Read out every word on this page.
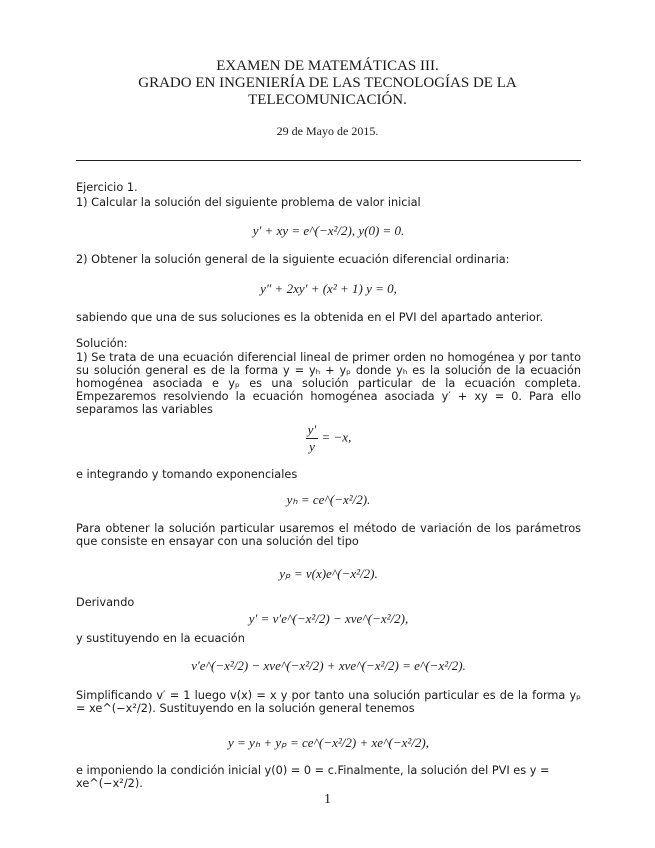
EXAMEN DE MATEMÁTICAS III.
GRADO EN INGENIERÍA DE LAS TECNOLOGÍAS DE LA
TELECOMUNICACIÓN.
29 de Mayo de 2015.
Ejercicio 1.
1) Calcular la solución del siguiente problema de valor inicial
y′ + xy = e^(−x²/2), y(0) = 0.
2) Obtener la solución general de la siguiente ecuación diferencial ordinaria:
y″ + 2xy′ + (x² + 1) y = 0,
sabiendo que una de sus soluciones es la obtenida en el PVI del apartado anterior.
Solución:
1) Se trata de una ecuación diferencial lineal de primer orden no homogénea y por tanto su solución general es de la forma y = yₕ + yₚ donde yₕ es la solución de la ecuación homogénea asociada e yₚ es una solución particular de la ecuación completa. Empezaremos resolviendo la ecuación homogénea asociada y′ + xy = 0. Para ello separamos las variables
$\frac{y'}{y} = -x$,
e integrando y tomando exponenciales
yₕ = ce^(−x²/2).
Para obtener la solución particular usaremos el método de variación de los parámetros que consiste en ensayar con una solución del tipo
yₚ = v(x)e^(−x²/2).
Derivando
y′ = v′e^(−x²/2) − xve^(−x²/2),
y sustituyendo en la ecuación
v′e^(−x²/2) − xve^(−x²/2) + xve^(−x²/2) = e^(−x²/2).
Simplificando v′ = 1 luego v(x) = x y por tanto una solución particular es de la forma yₚ = xe^(−x²/2). Sustituyendo en la solución general tenemos
y = yₕ + yₚ = ce^(−x²/2) + xe^(−x²/2),
e imponiendo la condición inicial y(0) = 0 = c.Finalmente, la solución del PVI es y = xe^(−x²/2).
1
